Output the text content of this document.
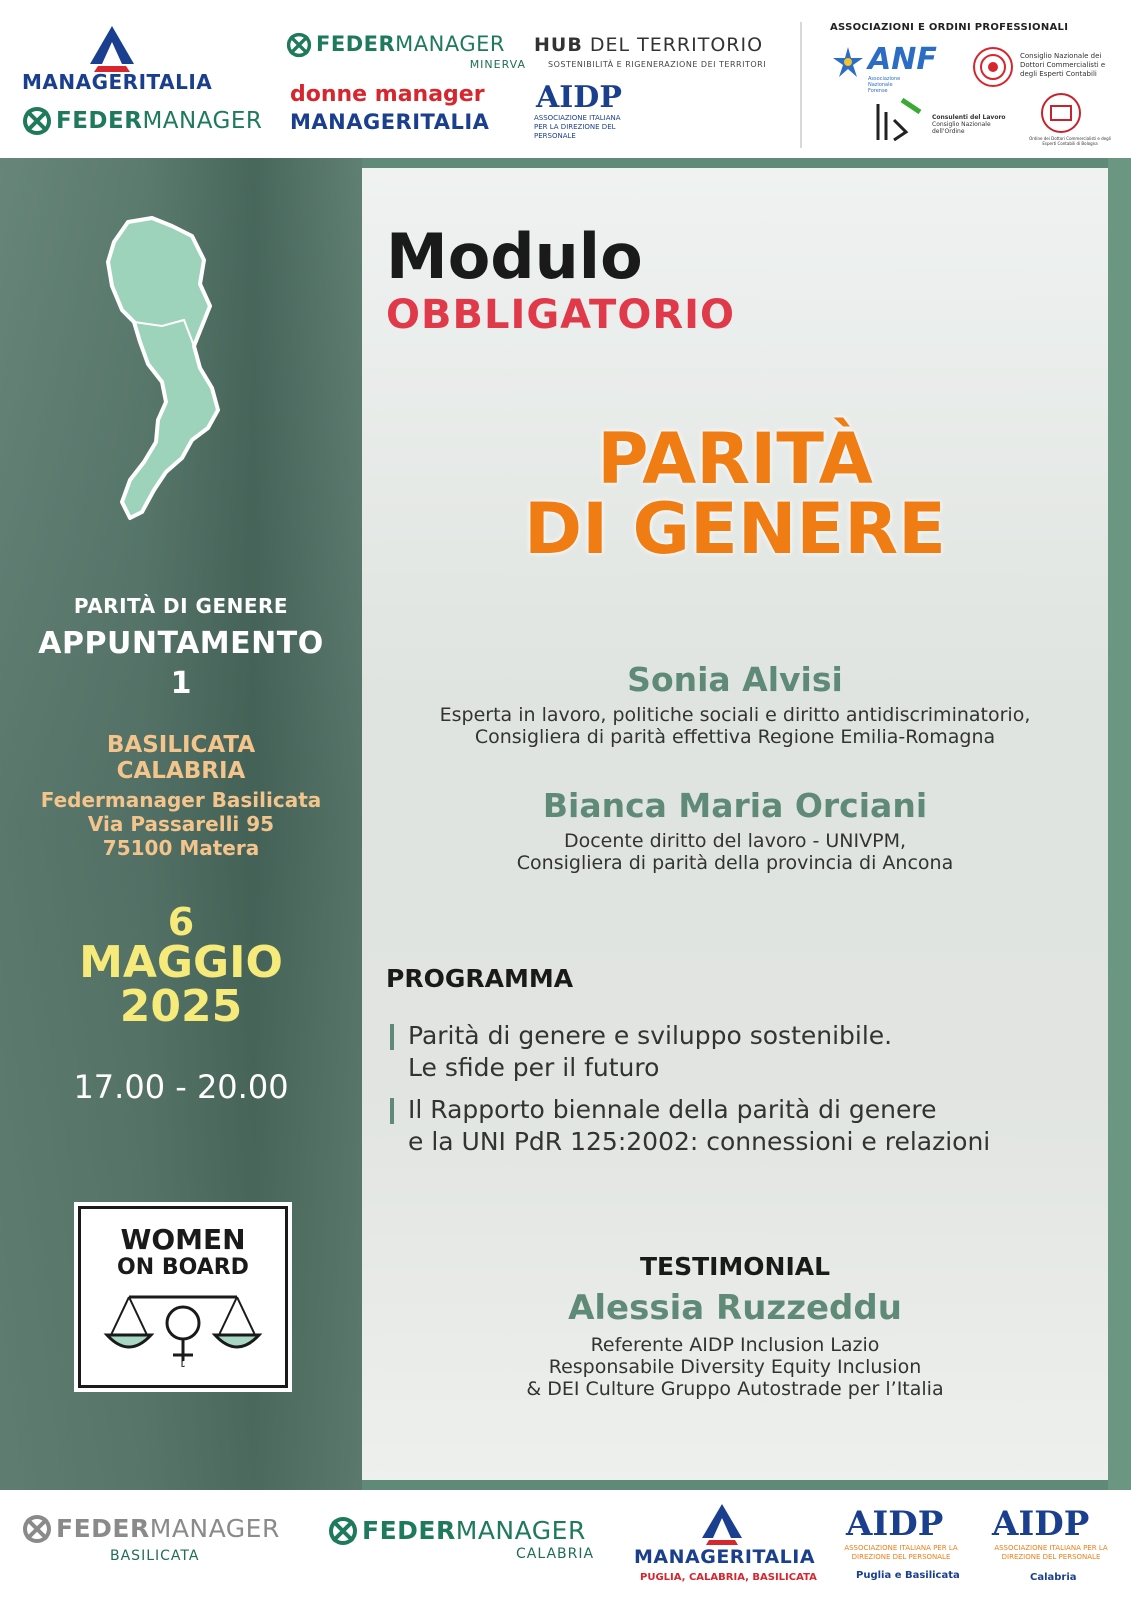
MANAGERITALIA
FEDERMANAGER
FEDERMANAGER
MINERVA
donne manager
MANAGERITALIA
HUB DEL TERRITORIO
SOSTENIBILITÀ E RIGENERAZIONE DEI TERRITORI
AIDP
ASSOCIAZIONE ITALIANA PER LA DIREZIONE DEL PERSONALE
ASSOCIAZIONI E ORDINI PROFESSIONALI
ANF
Associazione Nazionale Forense
Consiglio Nazionale dei Dottori Commercialisti e degli Esperti Contabili
Consulenti del Lavoro
Consiglio Nazionale dell'Ordine
Ordine dei Dottori Commercialisti e degli Esperti Contabili di Bologna
PARITÀ DI GENERE
APPUNTAMENTO
1
BASILICATA
CALABRIA
Federmanager Basilicata
Via Passarelli 95
75100 Matera
6
MAGGIO
2025
17.00 - 20.00
WOMEN
ON BOARD
2025
Modulo
OBBLIGATORIO
PARITÀ
DI GENERE
Sonia Alvisi
Esperta in lavoro, politiche sociali e diritto antidiscriminatorio,
Consigliera di parità effettiva Regione Emilia-Romagna
Bianca Maria Orciani
Docente diritto del lavoro - UNIVPM,
Consigliera di parità della provincia di Ancona
PROGRAMMA
Parità di genere e sviluppo sostenibile.
Le sfide per il futuro
Il Rapporto biennale della parità di genere
e la UNI PdR 125:2002: connessioni e relazioni
TESTIMONIAL
Alessia Ruzzeddu
Referente AIDP Inclusion Lazio
Responsabile Diversity Equity Inclusion
& DEI Culture Gruppo Autostrade per l’Italia
FEDERMANAGER
BASILICATA
FEDERMANAGER
CALABRIA MANAGERITALIA
PUGLIA, CALABRIA, BASILICATA
AIDP
ASSOCIAZIONE ITALIANA PER LA DIREZIONE DEL PERSONALE
Puglia e Basilicata
AIDP
ASSOCIAZIONE ITALIANA PER LA DIREZIONE DEL PERSONALE
Calabria
